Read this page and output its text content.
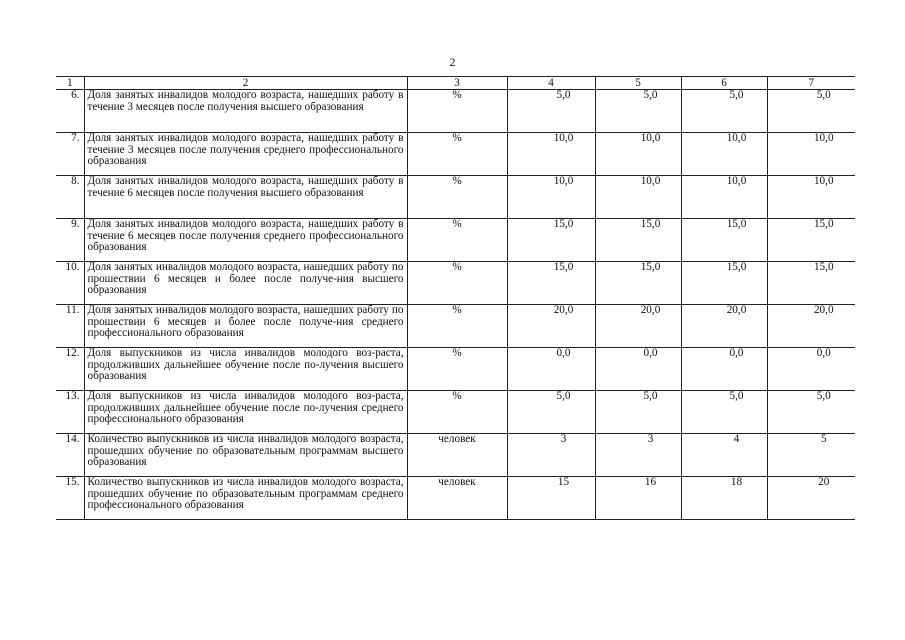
2
1	2	3	4	5	6	7
6.	Доля занятых инвалидов молодого возраста, нашедших работу в течение 3 месяцев после получения высшего образования	%	5,0	5,0	5,0	5,0
7.	Доля занятых инвалидов молодого возраста, нашедших работу в течение 3 месяцев после получения среднего профессионального образования	%	10,0	10,0	10,0	10,0
8.	Доля занятых инвалидов молодого возраста, нашедших работу в течение 6 месяцев после получения высшего образования	%	10,0	10,0	10,0	10,0
9.	Доля занятых инвалидов молодого возраста, нашедших работу в течение 6 месяцев после получения среднего профессионального образования	%	15,0	15,0	15,0	15,0
10.	Доля занятых инвалидов молодого возраста, нашедших работу по прошествии 6 месяцев и более после получе-ния высшего образования	%	15,0	15,0	15,0	15,0
11.	Доля занятых инвалидов молодого возраста, нашедших работу по прошествии 6 месяцев и более после получе-ния среднего профессионального образования	%	20,0	20,0	20,0	20,0
12.	Доля выпускников из числа инвалидов молодого воз-раста, продолживших дальнейшее обучение после по-лучения высшего образования	%	0,0	0,0	0,0	0,0
13.	Доля выпускников из числа инвалидов молодого воз-раста, продолживших дальнейшее обучение после по-лучения среднего профессионального образования	%	5,0	5,0	5,0	5,0
14.	Количество выпускников из числа инвалидов молодого возраста, прошедших обучение по образовательным программам высшего образования	человек	3	3	4	5
15.	Количество выпускников из числа инвалидов молодого возраста, прошедших обучение по образовательным программам среднего профессионального образования	человек	15	16	18	20
